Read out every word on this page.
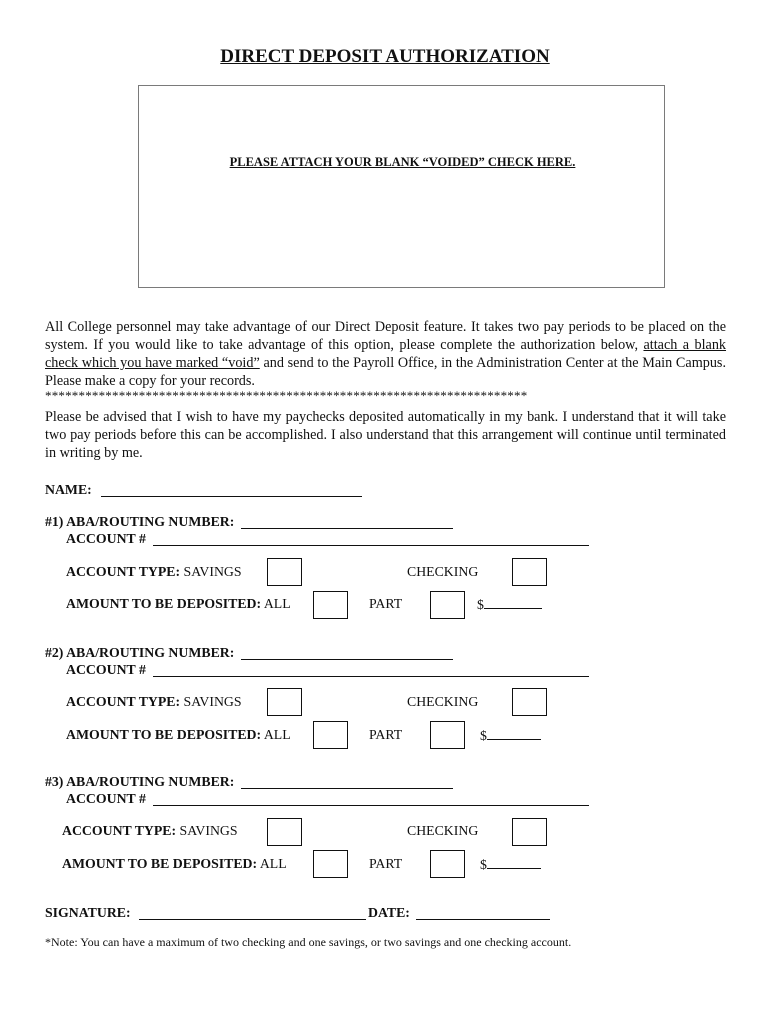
DIRECT DEPOSIT AUTHORIZATION
PLEASE ATTACH YOUR BLANK “VOIDED” CHECK HERE.

All College personnel may take advantage of our Direct Deposit feature. It takes two pay periods to be placed on the system. If you would like to take advantage of this option, please complete the authorization below, attach a blank check which you have marked “void” and send to the Payroll Office, in the Administration Center at the Main Campus. Please make a copy for your records.

************************************************************************

Please be advised that I wish to have my paychecks deposited automatically in my bank. I understand that it will take two pay periods before this can be accomplished. I also understand that this arrangement will continue until terminated in writing by me.

NAME:
#1) ABA/ROUTING NUMBER:
ACCOUNT #
ACCOUNT TYPE: SAVINGS	CHECKING
AMOUNT TO BE DEPOSITED: ALL	PART	$
#2) ABA/ROUTING NUMBER:
ACCOUNT #
ACCOUNT TYPE: SAVINGS	CHECKING
AMOUNT TO BE DEPOSITED: ALL	PART	$
#3) ABA/ROUTING NUMBER:
ACCOUNT #
ACCOUNT TYPE: SAVINGS	CHECKING
AMOUNT TO BE DEPOSITED: ALL	PART	$
SIGNATURE:	DATE:
*Note: You can have a maximum of two checking and one savings, or two savings and one checking account.
